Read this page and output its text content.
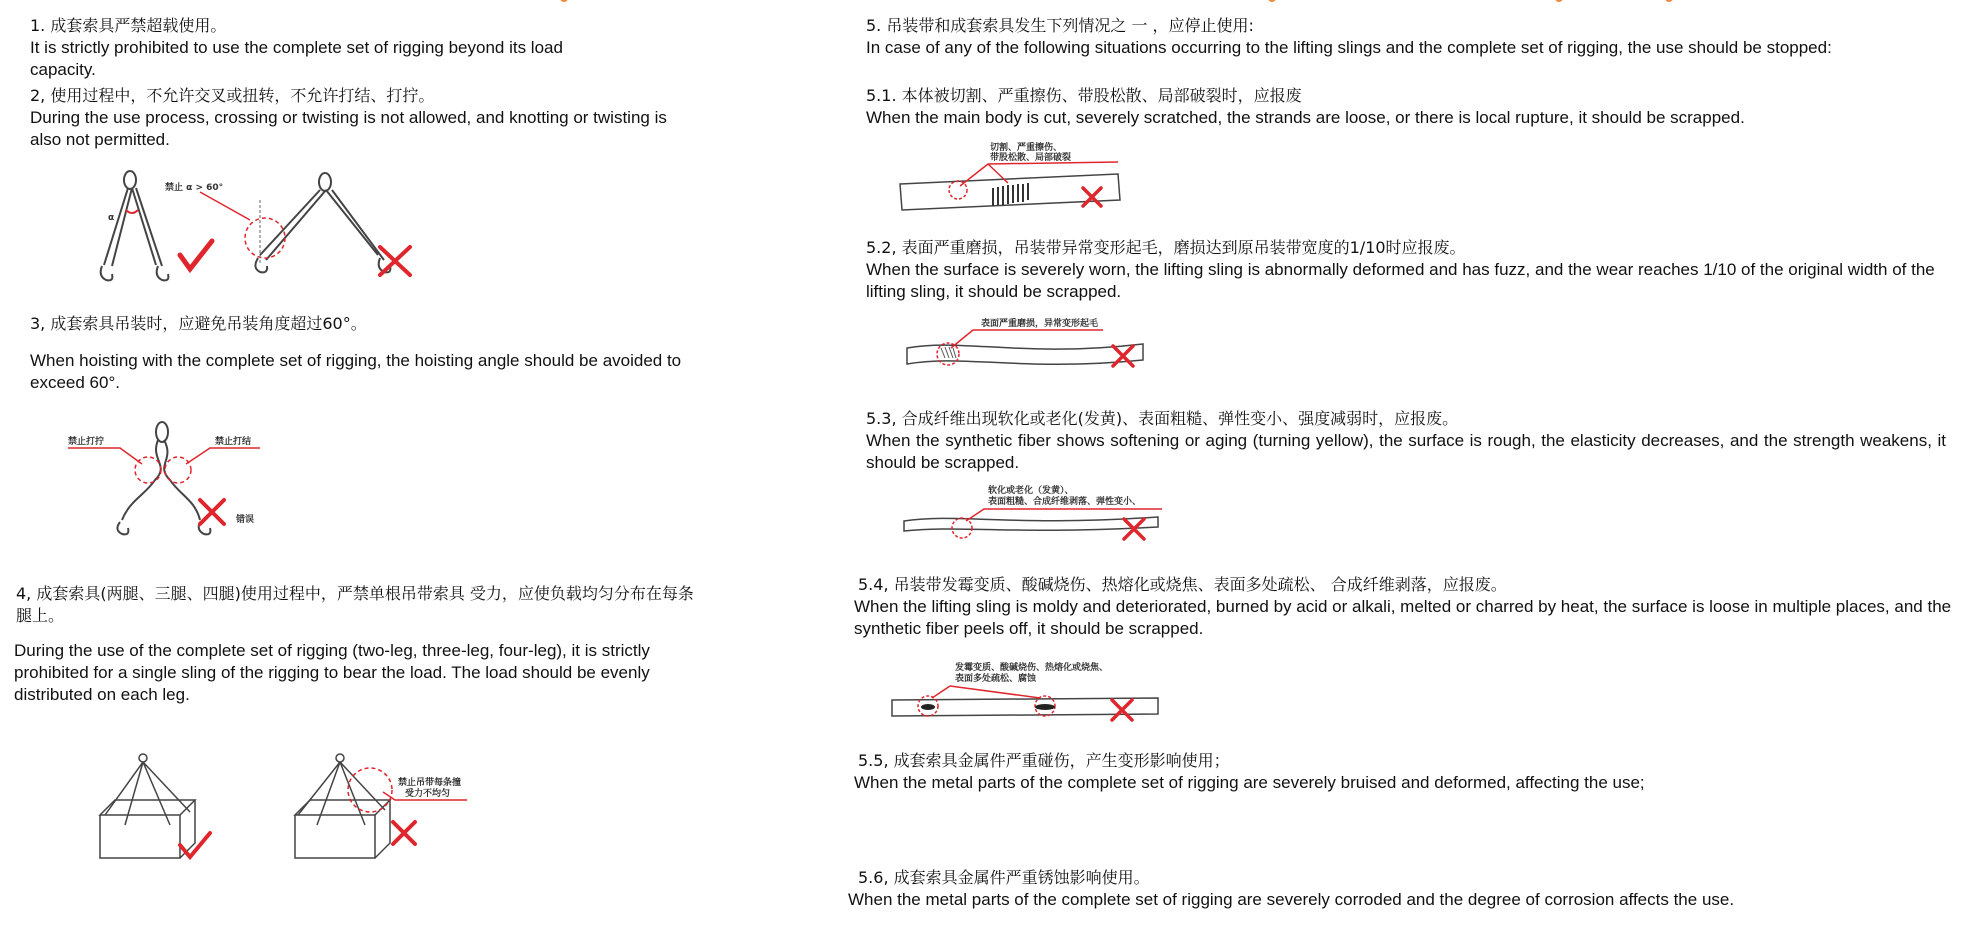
1. 成套索具严禁超载使用。

It is strictly prohibited to use the complete set of rigging beyond its load capacity.

2, 使用过程中，不允许交叉或扭转，不允许打结、打拧。

During the use process, crossing or twisting is not allowed, and knotting or twisting is also not permitted.

α
禁止 α > 60°

3, 成套索具吊装时，应避免吊装角度超过60°。

When hoisting with the complete set of rigging, the hoisting angle should be avoided to exceed 60°.

禁止打拧	禁止打结
错误

4, 成套索具(两腿、三腿、四腿)使用过程中，严禁单根吊带索具 受力，应使负载均匀分布在每条腿上。

During the use of the complete set of rigging (two-leg, three-leg, four-leg), it is strictly prohibited for a single sling of the rigging to bear the load. The load should be evenly distributed on each leg.

禁止吊带每条撞
受力不均匀

5. 吊装带和成套索具发生下列情况之 一 ，应停止使用:

In case of any of the following situations occurring to the lifting slings and the complete set of rigging, the use should be stopped:

5.1. 本体被切割、严重擦伤、带股松散、局部破裂时，应报废

When the main body is cut, severely scratched, the strands are loose, or there is local rupture, it should be scrapped.

切割、严重擦伤、
带股松散、局部破裂

5.2, 表面严重磨损，吊装带异常变形起毛，磨损达到原吊装带宽度的1/10时应报废。

When the surface is severely worn, the lifting sling is abnormally deformed and has fuzz, and the wear reaches 1/10 of the original width of the lifting sling, it should be scrapped.

表面严重磨损，异常变形起毛

5.3, 合成纤维出现软化或老化(发黄)、表面粗糙、弹性变小、强度减弱时，应报废。

When the synthetic fiber shows softening or aging (turning yellow), the surface is rough, the elasticity decreases, and the strength weakens, it should be scrapped.

软化或老化（发黄）、
表面粗糙、合成纤维剥落、弹性变小、

5.4, 吊装带发霉变质、酸碱烧伤、热熔化或烧焦、表面多处疏松、 合成纤维剥落，应报废。

When the lifting sling is moldy and deteriorated, burned by acid or alkali, melted or charred by heat, the surface is loose in multiple places, and the synthetic fiber peels off, it should be scrapped.

发霉变质、酸碱烧伤、热熔化或烧焦、
表面多处疏松、腐蚀

5.5, 成套索具金属件严重碰伤，产生变形影响使用；

When the metal parts of the complete set of rigging are severely bruised and deformed, affecting the use;

5.6, 成套索具金属件严重锈蚀影响使用。

When the metal parts of the complete set of rigging are severely corroded and the degree of corrosion affects the use.
